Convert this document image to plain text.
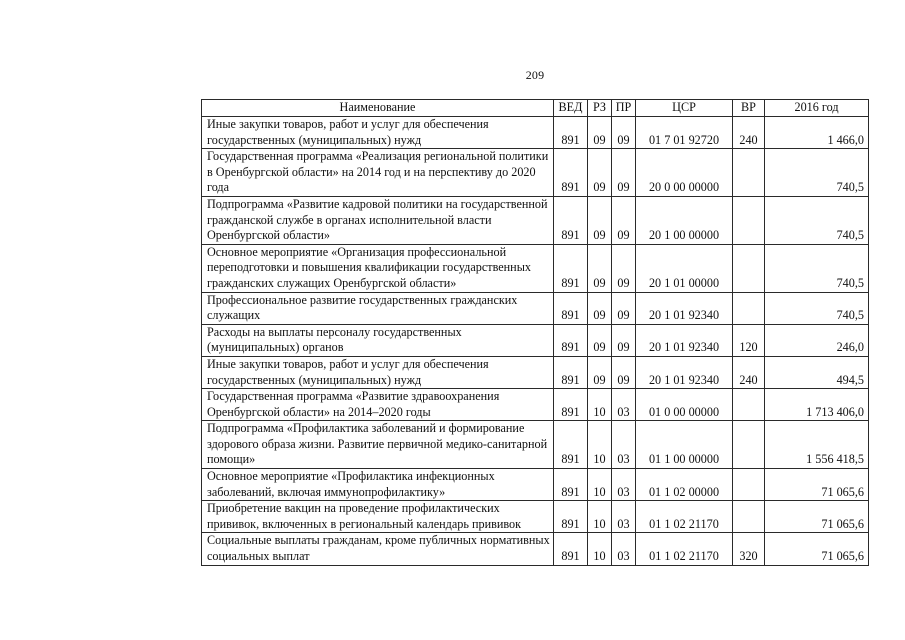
209
Наименование	ВЕД	РЗ	ПР	ЦСР	ВР	2016 год
Иные закупки товаров, работ и услуг для обеспечения государственных (муниципальных) нужд	891	09	09	01 7 01 92720	240	1 466,0
Государственная программа «Реализация региональной политики в Оренбургской области» на 2014 год и на перспективу до 2020 года	891	09	09	20 0 00 00000		740,5
Подпрограмма «Развитие кадровой политики на государственной гражданской службе в органах исполнительной власти Оренбургской области»	891	09	09	20 1 00 00000		740,5
Основное мероприятие «Организация профессиональной переподготовки и повышения квалификации государственных гражданских служащих Оренбургской области»	891	09	09	20 1 01 00000		740,5
Профессиональное развитие государственных гражданских служащих	891	09	09	20 1 01 92340		740,5
Расходы на выплаты персоналу государственных (муниципальных) органов	891	09	09	20 1 01 92340	120	246,0
Иные закупки товаров, работ и услуг для обеспечения государственных (муниципальных) нужд	891	09	09	20 1 01 92340	240	494,5
Государственная программа «Развитие здравоохранения Оренбургской области» на 2014–2020 годы	891	10	03	01 0 00 00000		1 713 406,0
Подпрограмма «Профилактика заболеваний и формирование здорового образа жизни. Развитие первичной медико-санитарной помощи»	891	10	03	01 1 00 00000		1 556 418,5
Основное мероприятие «Профилактика инфекционных заболеваний, включая иммунопрофилактику»	891	10	03	01 1 02 00000		71 065,6
Приобретение вакцин на проведение профилактических прививок, включенных в региональный календарь прививок	891	10	03	01 1 02 21170		71 065,6
Социальные выплаты гражданам, кроме публичных нормативных социальных выплат	891	10	03	01 1 02 21170	320	71 065,6
